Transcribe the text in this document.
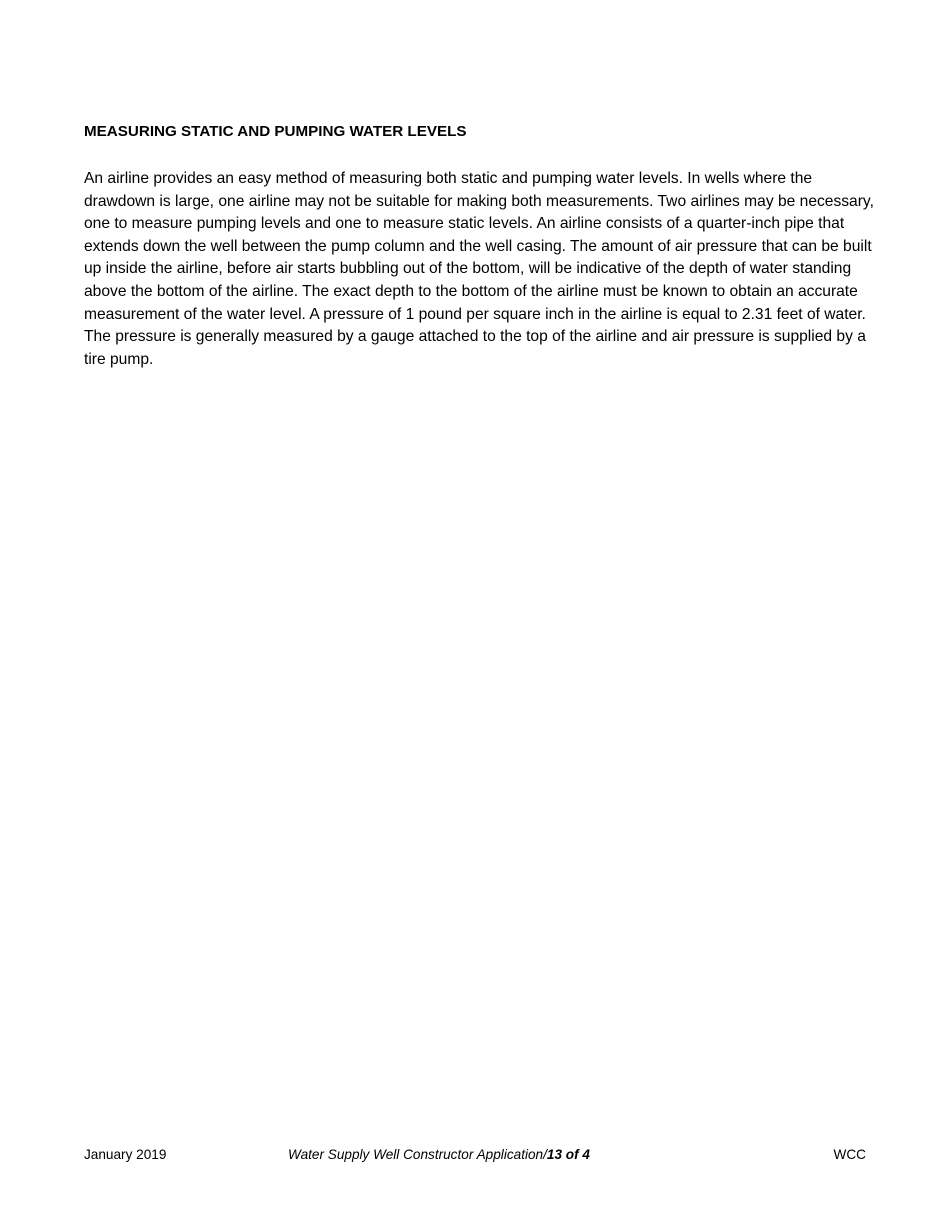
MEASURING STATIC AND PUMPING WATER LEVELS

An airline provides an easy method of measuring both static and pumping water levels. In wells where the drawdown is large, one airline may not be suitable for making both measurements. Two airlines may be necessary, one to measure pumping levels and one to measure static levels. An airline consists of a quarter-inch pipe that extends down the well between the pump column and the well casing. The amount of air pressure that can be built up inside the airline, before air starts bubbling out of the bottom, will be indicative of the depth of water standing above the bottom of the airline. The exact depth to the bottom of the airline must be known to obtain an accurate measurement of the water level. A pressure of 1 pound per square inch in the airline is equal to 2.31 feet of water. The pressure is generally measured by a gauge attached to the top of the airline and air pressure is supplied by a tire pump.

January 2019	Water Supply Well Constructor Application/13 of 4	WCC
